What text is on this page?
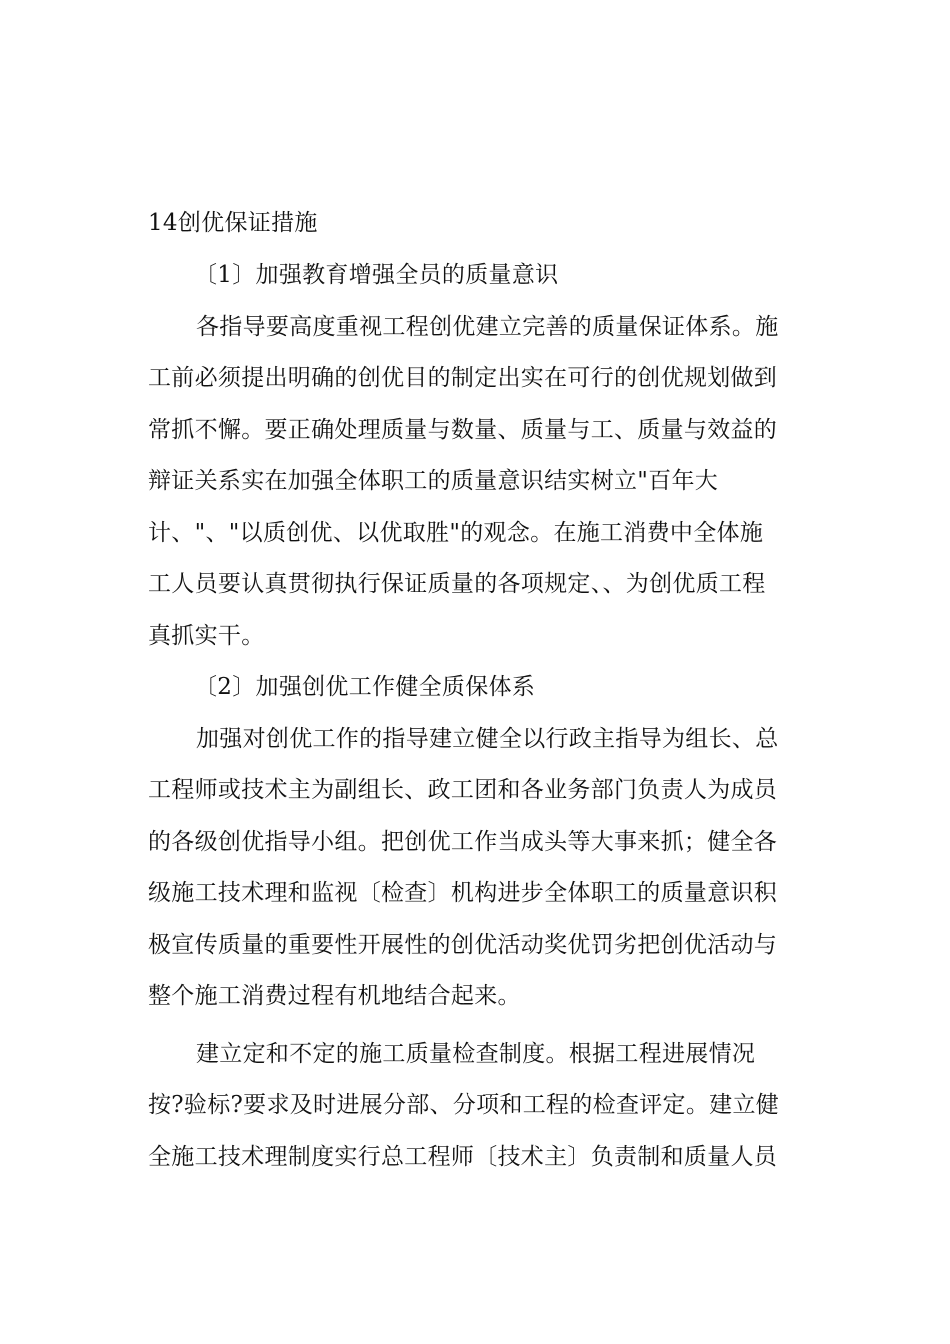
14创优保证措施
〔1〕加强教育增强全员的质量意识
各指导要高度重视工程创优建立完善的质量保证体系。施
工前必须提出明确的创优目的制定出实在可行的创优规划做到
常抓不懈。要正确处理质量与数量、质量与工、质量与效益的
辩证关系实在加强全体职工的质量意识结实树立"百年大
计、"、"以质创优、以优取胜"的观念。在施工消费中全体施
工人员要认真贯彻执行保证质量的各项规定、、为创优质工程
真抓实干。
〔2〕加强创优工作健全质保体系
加强对创优工作的指导建立健全以行政主指导为组长、总
工程师或技术主为副组长、政工团和各业务部门负责人为成员
的各级创优指导小组。把创优工作当成头等大事来抓；健全各
级施工技术理和监视〔检查〕机构进步全体职工的质量意识积
极宣传质量的重要性开展性的创优活动奖优罚劣把创优活动与
整个施工消费过程有机地结合起来。
建立定和不定的施工质量检查制度。根据工程进展情况
按?验标?要求及时进展分部、分项和工程的检查评定。建立健
全施工技术理制度实行总工程师〔技术主〕负责制和质量人员
